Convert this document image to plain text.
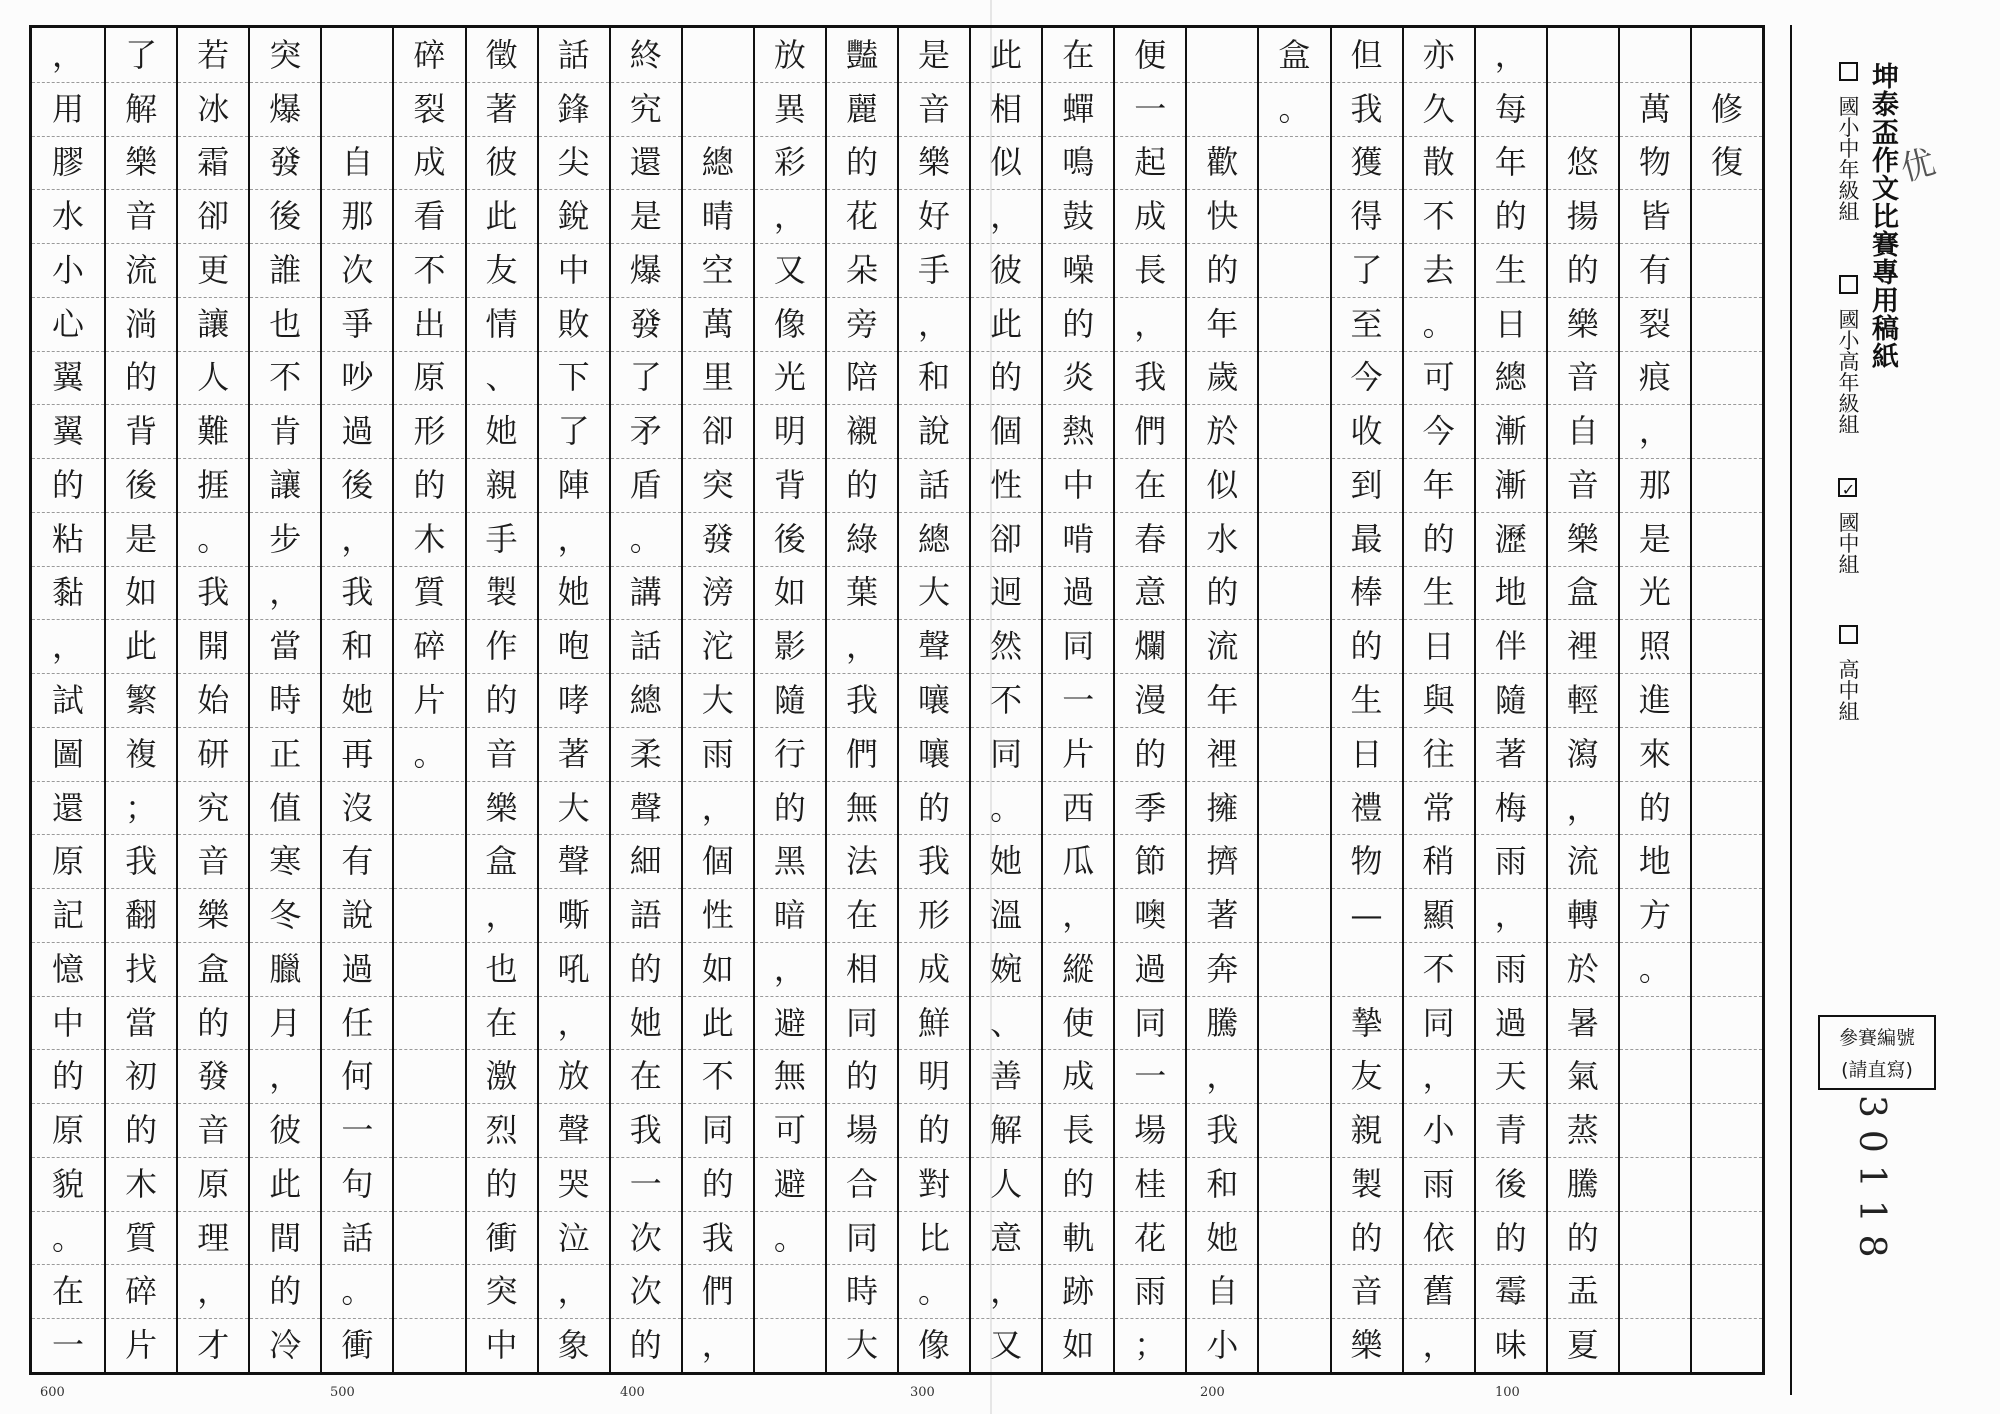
修
復
萬
物
皆
有
裂
痕
，
那
是
光
照
進
來
的
地
方
。
悠
揚
的
樂
音
自
音
樂
盒
裡
輕
瀉
，
流
轉
於
暑
氣
蒸
騰
的
盂
夏
，
每
年
的
生
日
總
漸
漸
瀝
地
伴
隨
著
梅
雨
，
雨
過
天
青
後
的
霉
味
亦
久
散
不
去
。
可
今
年
的
生
日
與
往
常
稍
顯
不
同
，
小
雨
依
舊
，
但
我
獲
得
了
至
今
收
到
最
棒
的
生
日
禮
物
—
摯
友
親
製
的
音
樂
盒
。
歡
快
的
年
歲
於
似
水
的
流
年
裡
擁
擠
著
奔
騰
，
我
和
她
自
小
便
一
起
成
長
，
我
們
在
春
意
爛
漫
的
季
節
噢
過
同
一
場
桂
花
雨
；
在
蟬
鳴
鼓
噪
的
炎
熱
中
啃
過
同
一
片
西
瓜
，
縱
使
成
長
的
軌
跡
如
此
相
似
，
彼
此
的
個
性
卻
迥
然
不
同
。
她
溫
婉
、
善
解
人
意
，
又
是
音
樂
好
手
，
和
說
話
總
大
聲
嚷
嚷
的
我
形
成
鮮
明
的
對
比
。
像
豔
麗
的
花
朵
旁
陪
襯
的
綠
葉
，
我
們
無
法
在
相
同
的
場
合
同
時
大
放
異
彩
，
又
像
光
明
背
後
如
影
隨
行
的
黑
暗
，
避
無
可
避
。
總
晴
空
萬
里
卻
突
發
滂
沱
大
雨
，
個
性
如
此
不
同
的
我
們
，
終
究
還
是
爆
發
了
矛
盾
。
講
話
總
柔
聲
細
語
的
她
在
我
一
次
次
的
話
鋒
尖
銳
中
敗
下
了
陣
，
她
咆
哮
著
大
聲
嘶
吼
，
放
聲
哭
泣
，
象
徵
著
彼
此
友
情
、
她
親
手
製
作
的
音
樂
盒
，
也
在
激
烈
的
衝
突
中
碎
裂
成
看
不
出
原
形
的
木
質
碎
片
。
自
那
次
爭
吵
過
後
，
我
和
她
再
沒
有
說
過
任
何
一
句
話
。
衝
突
爆
發
後
誰
也
不
肯
讓
步
，
當
時
正
值
寒
冬
臘
月
，
彼
此
間
的
冷
若
冰
霜
卻
更
讓
人
難
捱
。
我
開
始
研
究
音
樂
盒
的
發
音
原
理
，
才
了
解
樂
音
流
淌
的
背
後
是
如
此
繁
複
；
我
翻
找
當
初
的
木
質
碎
片
，
用
膠
水
小
心
翼
翼
的
粘
黏
，
試
圖
還
原
記
憶
中
的
原
貌
。
在
一
600	500	400	300	200	100
坤泰盃作文比賽專用稿紙
优
國小中年級組
國小高年級組
✓ 國中組
高中組
參賽編號
(請直寫)
30118
